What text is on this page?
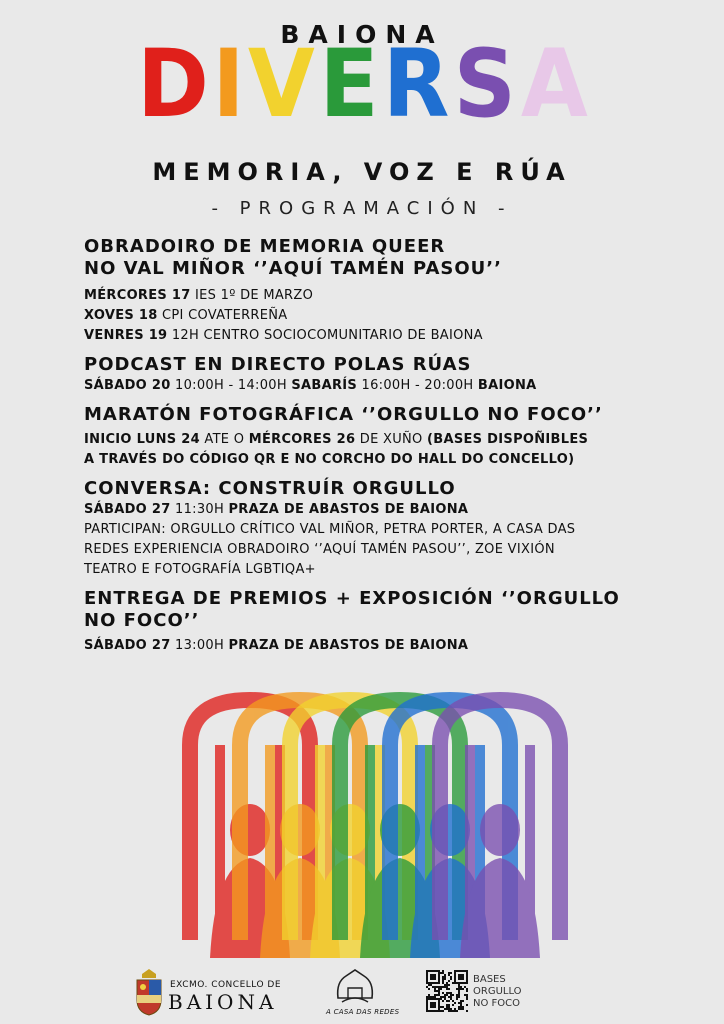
BAIONA
DIVERSA
MEMORIA, VOZ E RÚA
- PROGRAMACIÓN -
OBRADOIRO DE MEMORIA QUEER
NO VAL MIÑOR ‘’AQUÍ TAMÉN PASOU’’
MÉRCORES 17 IES 1º DE MARZO
XOVES 18 CPI COVATERREÑA
VENRES 19 12H CENTRO SOCIOCOMUNITARIO DE BAIONA
PODCAST EN DIRECTO POLAS RÚAS
SÁBADO 20 10:00H - 14:00H SABARÍS 16:00H - 20:00H BAIONA
MARATÓN FOTOGRÁFICA ‘’ORGULLO NO FOCO’’
INICIO LUNS 24 ATE O MÉRCORES 26 DE XUÑO (BASES DISPOÑIBLES
A TRAVÉS DO CÓDIGO QR E NO CORCHO DO HALL DO CONCELLO)
CONVERSA: CONSTRUÍR ORGULLO
SÁBADO 27 11:30H PRAZA DE ABASTOS DE BAIONA
PARTICIPAN: ORGULLO CRÍTICO VAL MIÑOR, PETRA PORTER, A CASA DAS
REDES EXPERIENCIA OBRADOIRO ‘’AQUÍ TAMÉN PASOU’’, ZOE VIXIÓN
TEATRO E FOTOGRAFÍA LGBTIQA+
ENTREGA DE PREMIOS + EXPOSICIÓN ‘’ORGULLO
NO FOCO’’
SÁBADO 27 13:00H PRAZA DE ABASTOS DE BAIONA
EXCMO. CONCELLO DE
BAIONA	A CASA DAS REDES
BASES
ORGULLO
NO FOCO
